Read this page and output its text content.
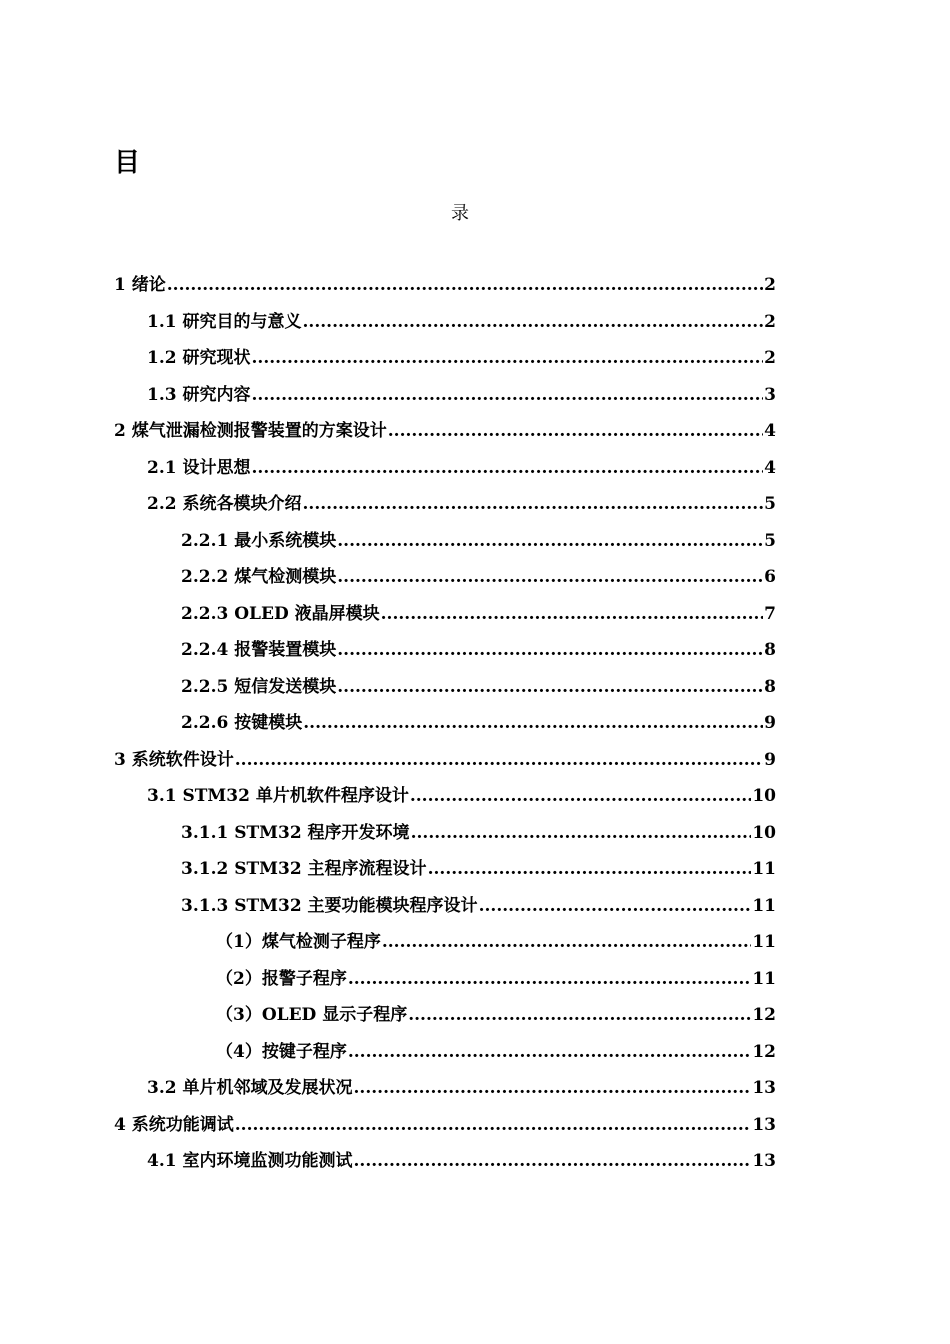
目
录
1 绪论 .....	2
1.1 研究目的与意义 .....	2
1.2 研究现状 .....	2
1.3 研究内容 .....	3
2 煤气泄漏检测报警装置的方案设计 .....	4
2.1 设计思想 .....	4
2.2 系统各模块介绍 .....	5
2.2.1 最小系统模块 .....	5
2.2.2 煤气检测模块 .....	6
2.2.3 OLED 液晶屏模块 .....	7
2.2.4 报警装置模块 .....	8
2.2.5 短信发送模块 .....	8
2.2.6 按键模块 .....	9
3 系统软件设计 .....	9
3.1 STM32 单片机软件程序设计 .....	10
3.1.1 STM32 程序开发环境 .....	10
3.1.2 STM32 主程序流程设计 .....	11
3.1.3 STM32 主要功能模块程序设计 .....	11
（1）煤气检测子程序 .....	11
（2）报警子程序 .....	11
（3）OLED 显示子程序 .....	12
（4）按键子程序 .....	12
3.2 单片机邻域及发展状况 .....	13
4 系统功能调试 .....	13
4.1 室内环境监测功能测试 .....	13
